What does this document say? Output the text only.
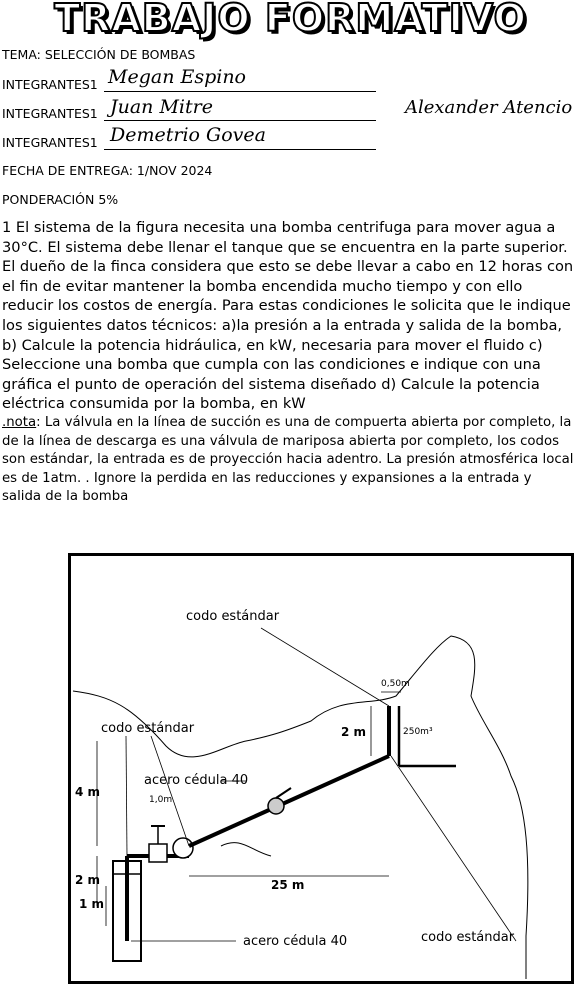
TRABAJO FORMATIVO
TEMA: SELECCIÓN DE BOMBAS
INTEGRANTES1 Megan Espino
INTEGRANTES1 Juan Mitre
INTEGRANTES1 Demetrio Govea
Alexander Atencio
FECHA DE ENTREGA: 1/NOV 2024
PONDERACIÓN 5%
1 El sistema de la figura necesita una bomba centrifuga para mover agua a 30°C. El sistema debe llenar el tanque que se encuentra en la parte superior. El dueño de la finca considera que esto se debe llevar a cabo en 12 horas con el fin de evitar mantener la bomba encendida mucho tiempo y con ello reducir los costos de energía. Para estas condiciones le solicita que le indique los siguientes datos técnicos: a)la presión a la entrada y salida de la bomba, b) Calcule la potencia hidráulica, en kW, necesaria para mover el fluido c) Seleccione una bomba que cumpla con las condiciones e indique con una gráfica el punto de operación del sistema diseñado d) Calcule la potencia eléctrica consumida por la bomba, en kW
.nota: La válvula en la línea de succión es una de compuerta abierta por completo, la de la línea de descarga es una válvula de mariposa abierta por completo, los codos son estándar, la entrada es de proyección hacia adentro. La presión atmosférica local es de 1atm. . Ignore la perdida en las reducciones y expansiones a la entrada y salida de la bomba
codo estándar
codo estándar
codo estándar
acero cédula 40
acero cédula 40
0,50m
2 m	250m³
4 m
1,0m
2 m
1 m
25 m
